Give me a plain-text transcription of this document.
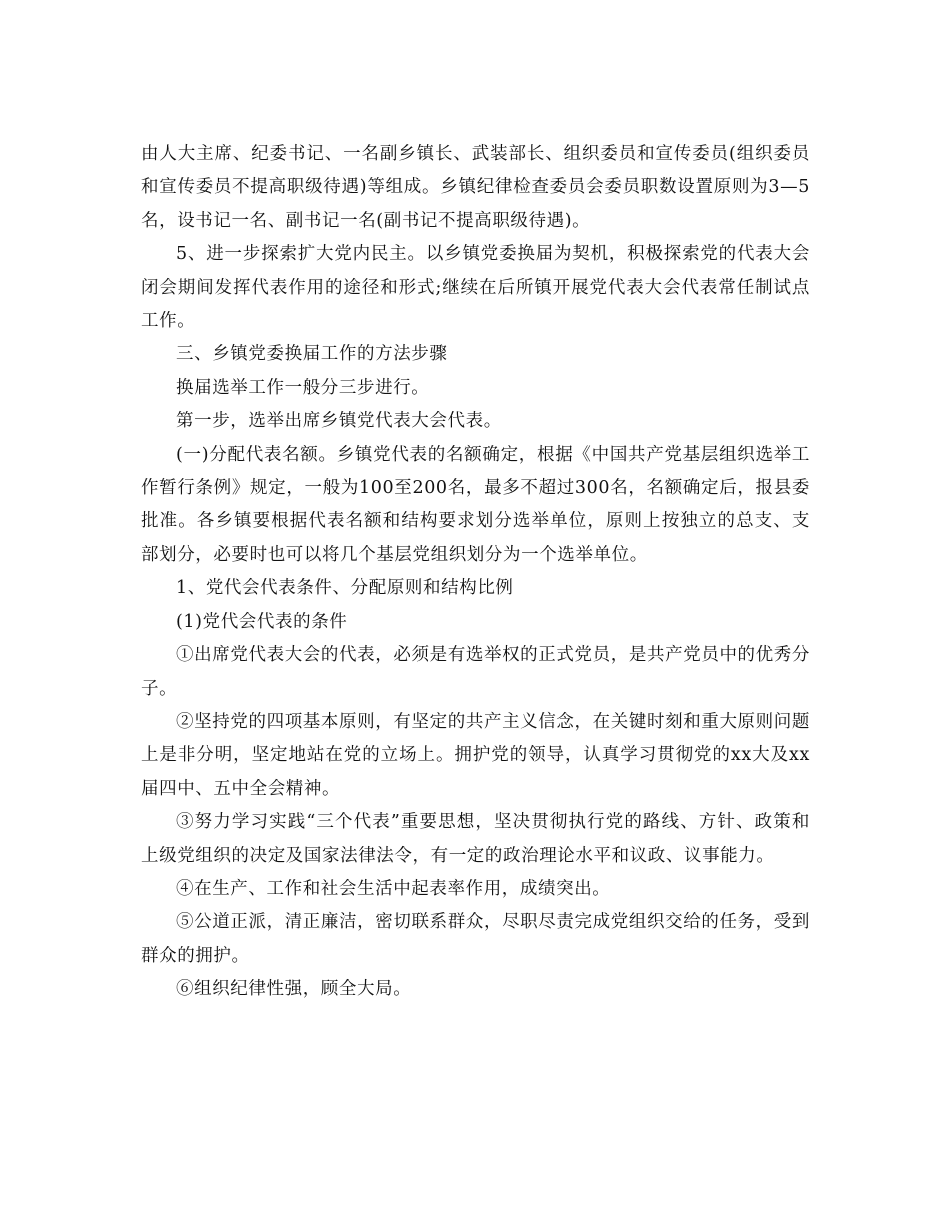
由人大主席、纪委书记、一名副乡镇长、武装部长、组织委员和宣传委员(组织委员和宣传委员不提高职级待遇)等组成。乡镇纪律检查委员会委员职数设置原则为3—5名，设书记一名、副书记一名(副书记不提高职级待遇)。

5、进一步探索扩大党内民主。以乡镇党委换届为契机，积极探索党的代表大会闭会期间发挥代表作用的途径和形式;继续在后所镇开展党代表大会代表常任制试点工作。

三、乡镇党委换届工作的方法步骤

换届选举工作一般分三步进行。

第一步，选举出席乡镇党代表大会代表。

(一)分配代表名额。乡镇党代表的名额确定，根据《中国共产党基层组织选举工作暂行条例》规定，一般为100至200名，最多不超过300名，名额确定后，报县委批准。各乡镇要根据代表名额和结构要求划分选举单位，原则上按独立的总支、支部划分，必要时也可以将几个基层党组织划分为一个选举单位。

1、党代会代表条件、分配原则和结构比例

(1)党代会代表的条件

①出席党代表大会的代表，必须是有选举权的正式党员，是共产党员中的优秀分子。

②坚持党的四项基本原则，有坚定的共产主义信念，在关键时刻和重大原则问题上是非分明，坚定地站在党的立场上。拥护党的领导，认真学习贯彻党的xx大及xx届四中、五中全会精神。

③努力学习实践“三个代表”重要思想，坚决贯彻执行党的路线、方针、政策和上级党组织的决定及国家法律法令，有一定的政治理论水平和议政、议事能力。

④在生产、工作和社会生活中起表率作用，成绩突出。

⑤公道正派，清正廉洁，密切联系群众，尽职尽责完成党组织交给的任务，受到群众的拥护。

⑥组织纪律性强，顾全大局。
